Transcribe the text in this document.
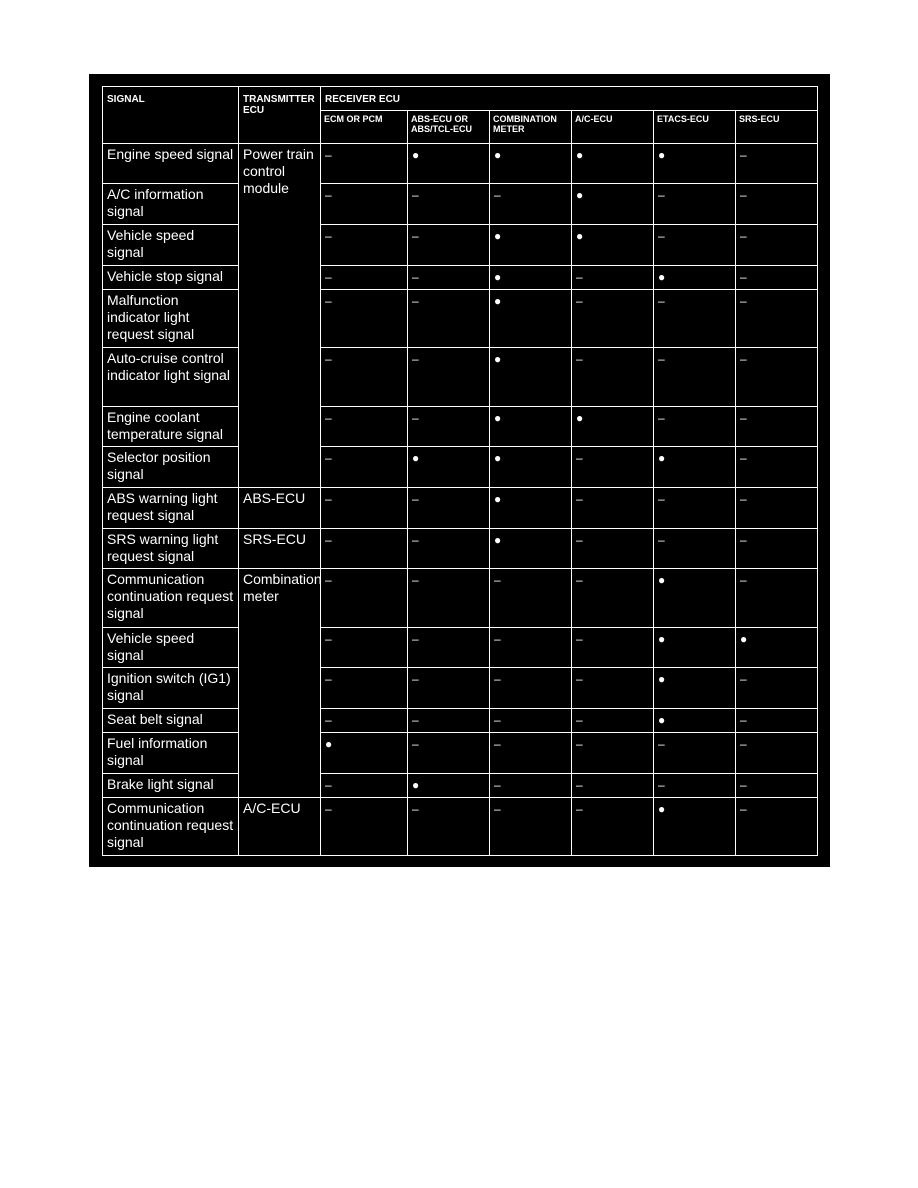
SIGNAL	TRANSMITTER ECU	RECEIVER ECU					
		ECM OR PCM	ABS-ECU OR ABS/TCL-ECU	COMBINATION METER	A/C-ECU	ETACS-ECU	SRS-ECU
Engine speed signal	Power train control module	–	●	●	●	●	–
A/C information signal		–	–	–	●	–	–
Vehicle speed signal		–	–	●	●	–	–
Vehicle stop signal		–	–	●	–	●	–
Malfunction indicator light request signal		–	–	●	–	–	–
Auto-cruise control indicator light signal		–	–	●	–	–	–
Engine coolant temperature signal		–	–	●	●	–	–
Selector position signal		–	●	●	–	●	–
ABS warning light request signal	ABS-ECU	–	–	●	–	–	–
SRS warning light request signal	SRS-ECU	–	–	●	–	–	–
Communication continuation request signal	Combination meter	–	–	–	–	●	–
Vehicle speed signal		–	–	–	–	●	●
Ignition switch (IG1) signal		–	–	–	–	●	–
Seat belt signal		–	–	–	–	●	–
Fuel information signal		●	–	–	–	–	–
Brake light signal		–	●	–	–	–	–
Communication continuation request signal	A/C-ECU	–	–	–	–	●	–
